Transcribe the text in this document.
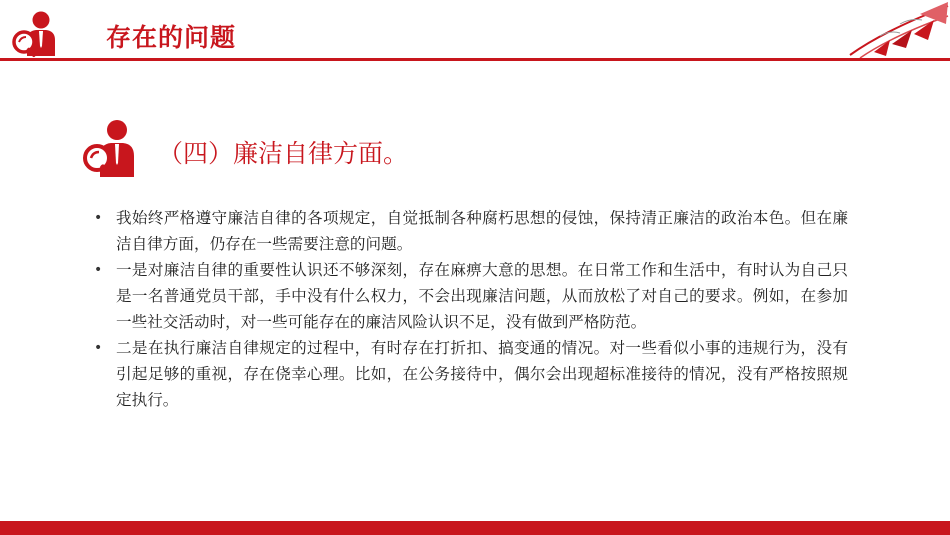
存在的问题
（四）廉洁自律方面。
• 我始终严格遵守廉洁自律的各项规定，自觉抵制各种腐朽思想的侵蚀，保持清正廉洁的政治本色。但在廉洁自律方面，仍存在一些需要注意的问题。
• 一是对廉洁自律的重要性认识还不够深刻，存在麻痹大意的思想。在日常工作和生活中，有时认为自己只是一名普通党员干部，手中没有什么权力，不会出现廉洁问题，从而放松了对自己的要求。例如，在参加一些社交活动时，对一些可能存在的廉洁风险认识不足，没有做到严格防范。
• 二是在执行廉洁自律规定的过程中，有时存在打折扣、搞变通的情况。对一些看似小事的违规行为，没有引起足够的重视，存在侥幸心理。比如，在公务接待中，偶尔会出现超标准接待的情况，没有严格按照规定执行。
